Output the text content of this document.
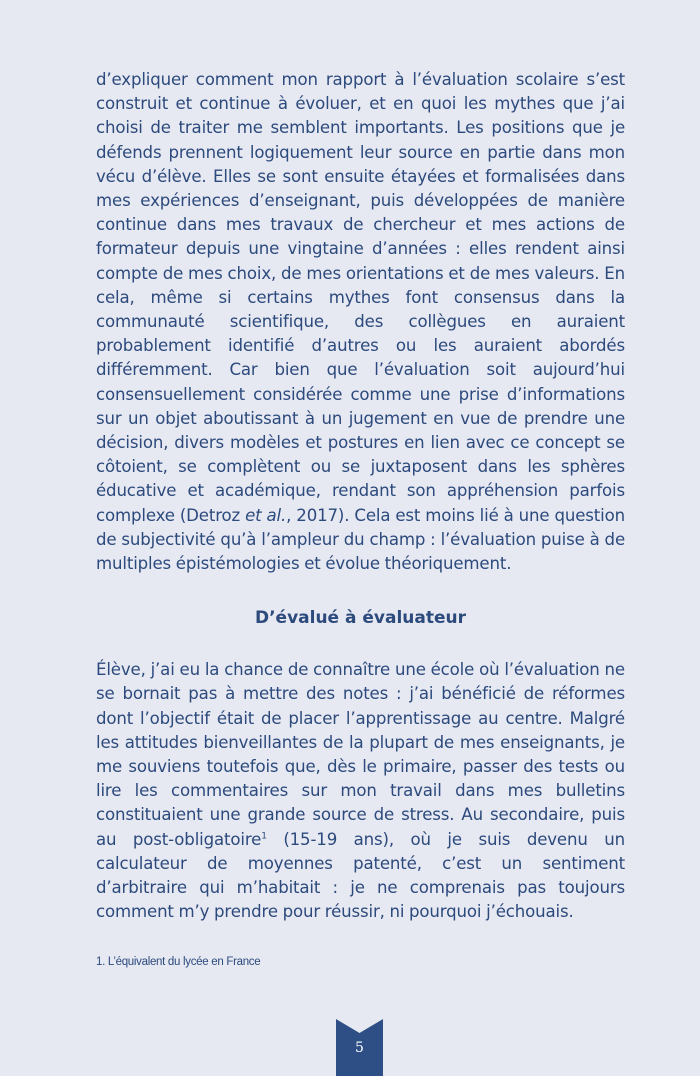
d’expliquer comment mon rapport à l’évaluation scolaire s’est construit et continue à évoluer, et en quoi les mythes que j’ai choisi de traiter me semblent importants. Les positions que je défends prennent logiquement leur source en partie dans mon vécu d’élève. Elles se sont ensuite étayées et formalisées dans mes expériences d’enseignant, puis développées de manière continue dans mes travaux de chercheur et mes actions de formateur depuis une vingtaine d’années : elles rendent ainsi compte de mes choix, de mes orientations et de mes valeurs. En cela, même si certains mythes font consensus dans la communauté scientifique, des collègues en auraient probablement identifié d’autres ou les auraient abordés différemment. Car bien que l’évaluation soit aujourd’hui consensuellement considérée comme une prise d’informations sur un objet aboutissant à un jugement en vue de prendre une décision, divers modèles et postures en lien avec ce concept se côtoient, se complètent ou se juxtaposent dans les sphères éducative et académique, rendant son appréhension parfois complexe (Detroz et al., 2017). Cela est moins lié à une question de subjectivité qu’à l’ampleur du champ : l’évaluation puise à de multiples épistémologies et évolue théoriquement.

D’évalué à évaluateur

Élève, j’ai eu la chance de connaître une école où l’évaluation ne se bornait pas à mettre des notes : j’ai bénéficié de réformes dont l’objectif était de placer l’apprentissage au centre. Malgré les attitudes bienveillantes de la plupart de mes enseignants, je me souviens toutefois que, dès le primaire, passer des tests ou lire les commentaires sur mon travail dans mes bulletins constituaient une grande source de stress. Au secondaire, puis au post-obligatoire$^1$ (15-19 ans), où je suis devenu un calculateur de moyennes patenté, c’est un sentiment d’arbitraire qui m’habitait : je ne comprenais pas toujours comment m’y prendre pour réussir, ni pourquoi j’échouais.

1. L’équivalent du lycée en France
5
